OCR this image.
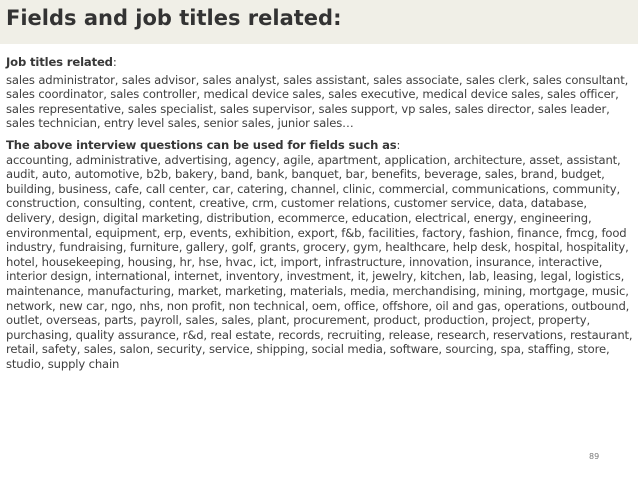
Fields and job titles related:

Job titles related:

sales administrator, sales advisor, sales analyst, sales assistant, sales associate, sales clerk, sales consultant, sales coordinator, sales controller, medical device sales, sales executive, medical device sales, sales officer, sales representative, sales specialist, sales supervisor, sales support, vp sales, sales director, sales leader, sales technician, entry level sales, senior sales, junior sales…

The above interview questions can be used for fields such as:

accounting, administrative, advertising, agency, agile, apartment, application, architecture, asset, assistant, audit, auto, automotive, b2b, bakery, band, bank, banquet, bar, benefits, beverage, sales, brand, budget, building, business, cafe, call center, car, catering, channel, clinic, commercial, communications, community, construction, consulting, content, creative, crm, customer relations, customer service, data, database, delivery, design, digital marketing, distribution, ecommerce, education, electrical, energy, engineering, environmental, equipment, erp, events, exhibition, export, f&b, facilities, factory, fashion, finance, fmcg, food industry, fundraising, furniture, gallery, golf, grants, grocery, gym, healthcare, help desk, hospital, hospitality, hotel, housekeeping, housing, hr, hse, hvac, ict, import, infrastructure, innovation, insurance, interactive, interior design, international, internet, inventory, investment, it, jewelry, kitchen, lab, leasing, legal, logistics, maintenance, manufacturing, market, marketing, materials, media, merchandising, mining, mortgage, music, network, new car, ngo, nhs, non profit, non technical, oem, office, offshore, oil and gas, operations, outbound, outlet, overseas, parts, payroll, sales, sales, plant, procurement, product, production, project, property, purchasing, quality assurance, r&d, real estate, records, recruiting, release, research, reservations, restaurant, retail, safety, sales, salon, security, service, shipping, social media, software, sourcing, spa, staffing, store, studio, supply chain

89
